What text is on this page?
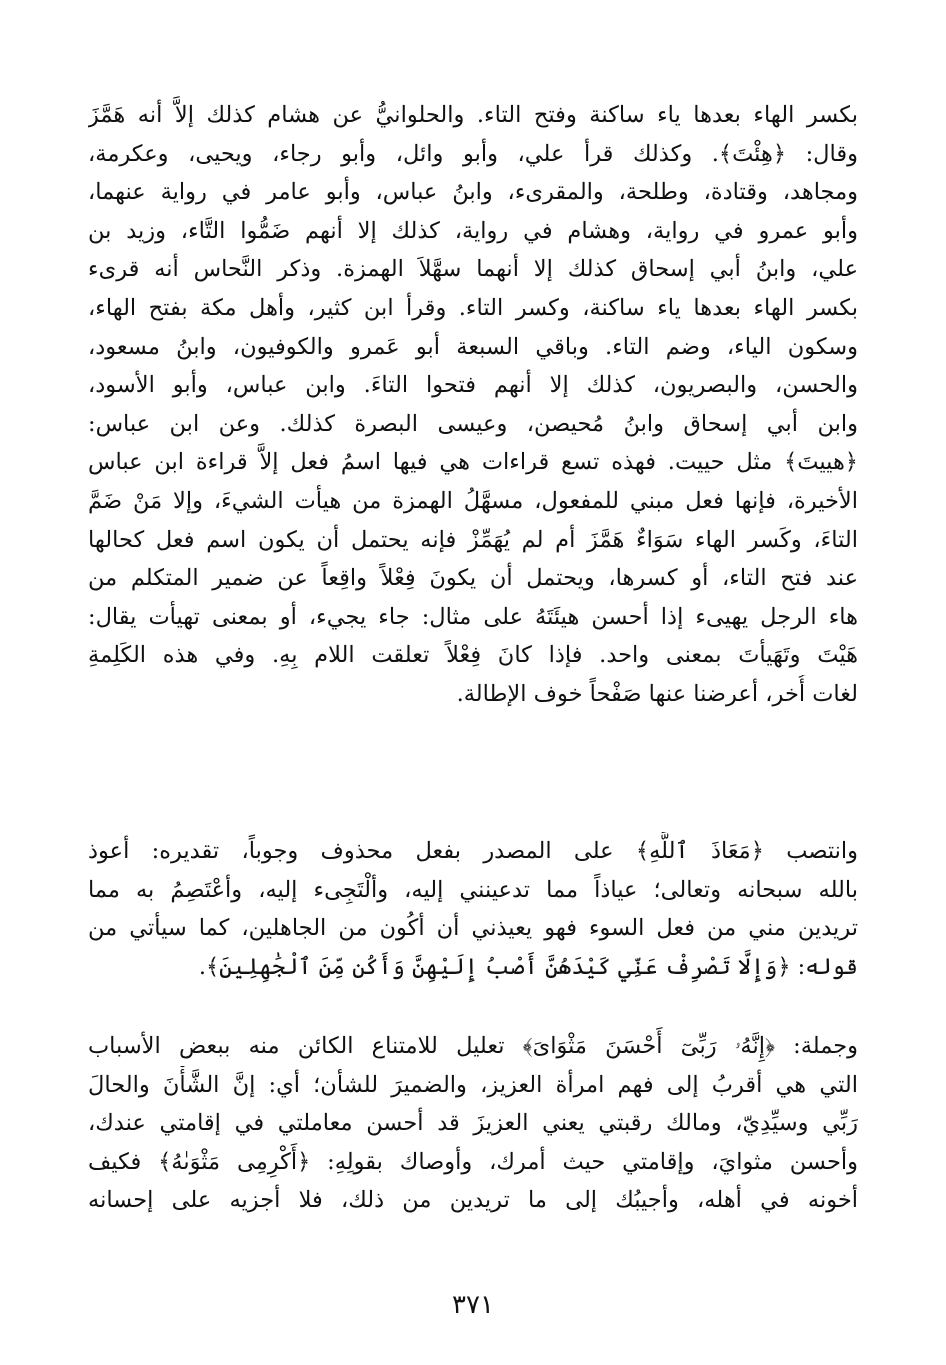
بكسر الهاء بعدها ياء ساكنة وفتح التاء. والحلوانيُّ عن هشام كذلك إلاَّ أنه هَمَّزَ
وقال: ﴿هِئْتَ﴾. وكذلك قرأ علي، وأبو وائل، وأبو رجاء، ويحيى، وعكرمة،
ومجاهد، وقتادة، وطلحة، والمقرىء، وابنُ عباس، وأبو عامر في رواية عنهما،
وأبو عمرو في رواية، وهشام في رواية، كذلك إلا أنهم ضَمُّوا التَّاء، وزيد بن
علي، وابنُ أبي إسحاق كذلك إلا أنهما سهَّلاَ الهمزة. وذكر النَّحاس أنه قرىء
بكسر الهاء بعدها ياء ساكنة، وكسر التاء. وقرأ ابن كثير، وأهل مكة بفتح الهاء،
وسكون الياء، وضم التاء. وباقي السبعة أبو عَمرو والكوفيون، وابنُ مسعود،
والحسن، والبصريون، كذلك إلا أنهم فتحوا التاءَ. وابن عباس، وأبو الأسود،
وابن أبي إسحاق وابنُ مُحيصن، وعيسى البصرة كذلك. وعن ابن عباس:
﴿هييتَ﴾ مثل حييت. فهذه تسع قراءات هي فيها اسمُ فعل إلاَّ قراءة ابن عباس
الأخيرة، فإنها فعل مبني للمفعول، مسهَّلُ الهمزة من هيأت الشيءَ، وإلا مَنْ ضَمَّ
التاءَ، وكَسر الهاء سَوَاءٌ هَمَّزَ أم لم يُهَمِّزْ فإنه يحتمل أن يكون اسم فعل كحالها
عند فتح التاء، أو كسرها، ويحتمل أن يكونَ فِعْلاً واقِعاً عن ضمير المتكلم من
هاء الرجل يهيىء إذا أحسن هيئَتَهُ على مثال: جاء يجيء، أو بمعنى تهيأت يقال:
هَيْتَ وتَهَيأتَ بمعنى واحد. فإذا كانَ فِعْلاً تعلقت اللام بِهِ. وفي هذه الكَلِمةِ
لغات أُخر، أعرضنا عنها صَفْحاً خوف الإطالة.
وانتصب ﴿مَعَاذَ ٱللَّهِ﴾ على المصدر بفعل محذوف وجوباً، تقديره: أعوذ
بالله سبحانه وتعالى؛ عياذاً مما تدعينني إليه، وألْتَجِىء إليه، وأعْتَصِمُ به مما
تريدين مني من فعل السوء فهو يعيذني أن أكُون من الجاهلين، كما سيأتي من
قوله: ﴿وَإِلَّا تَصْرِفْ عَنِّي كَيْدَهُنَّ أَصْبُ إِلَيْهِنَّ وَأَكُن مِّنَ ٱلْجَٰهِلِينَ﴾.
وجملة: ﴿إِنَّهُۥ رَبِّىٓ أَحْسَنَ مَثْوَاىَ﴾ تعليل للامتناع الكائن منه ببعض الأسباب
التي هي أقربُ إلى فهم امرأة العزيز، والضميرَ للشأن؛ أي: إنَّ الشَّأْنَ والحالَ
رَبِّي وسيِّدِيّ، ومالك رقبتي يعني العزيزَ قد أحسن معاملتي في إقامتي عندك،
وأحسن مثوايَ، وإقامتي حيث أمرك، وأوصاك بقولِهِ: ﴿أَكْرِمِى مَثْوَىٰهُ﴾ فكيف
أخونه في أهله، وأجيبُك إلى ما تريدين من ذلك، فلا أجزيه على إحسانه
٣٧١
